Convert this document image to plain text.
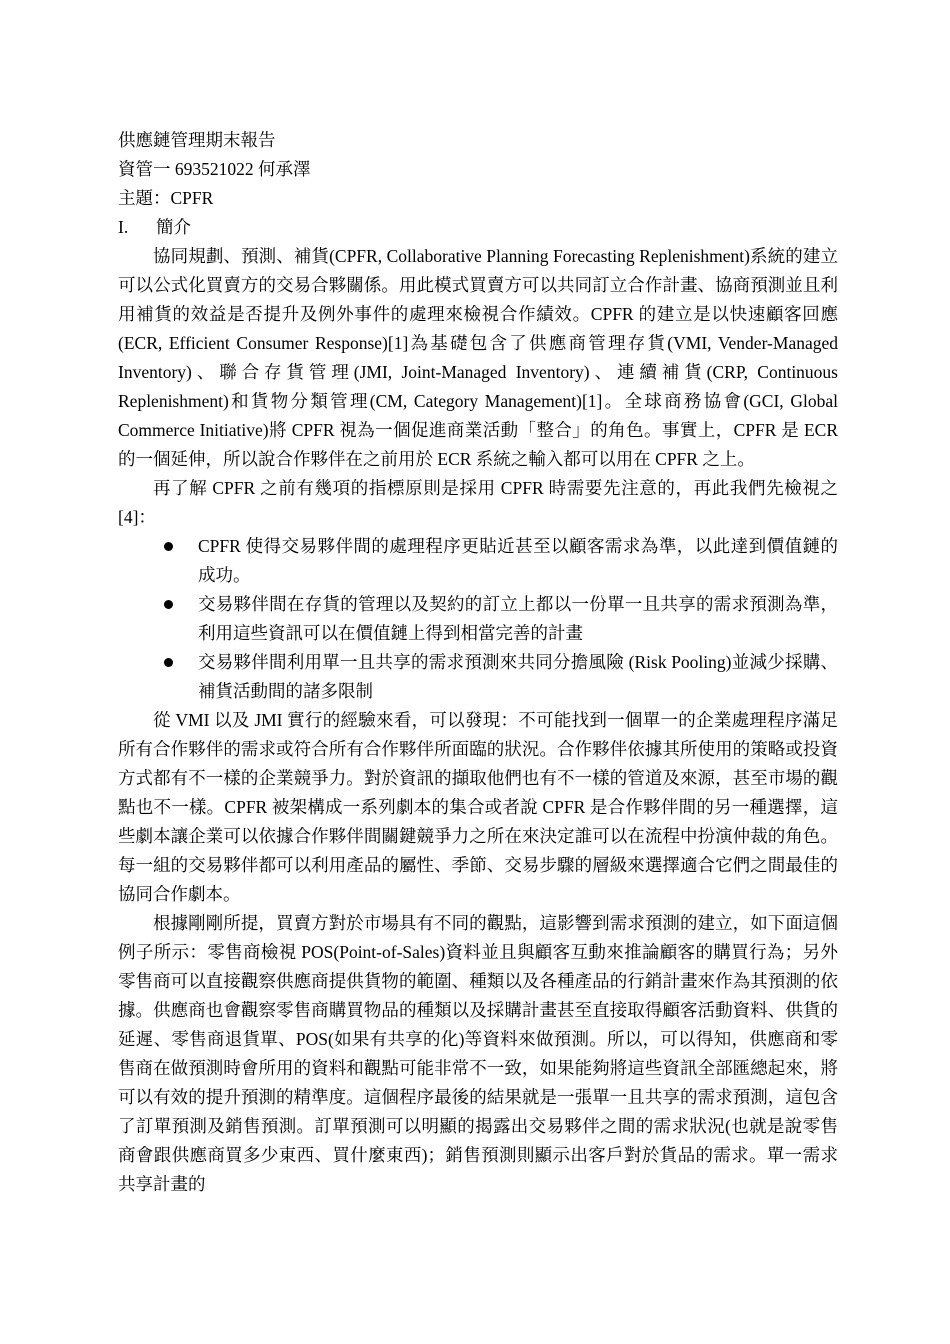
供應鏈管理期末報告
資管一 693521022 何承澤
主題：CPFR
I.	簡介

協同規劃、預測、補貨(CPFR, Collaborative Planning Forecasting Replenishment)系統的建立可以公式化買賣方的交易合夥關係。用此模式買賣方可以共同訂立合作計畫、協商預測並且利用補貨的效益是否提升及例外事件的處理來檢視合作績效。CPFR 的建立是以快速顧客回應(ECR, Efficient Consumer Response)[1]為基礎包含了供應商管理存貨(VMI, Vender-Managed Inventory)、聯合存貨管理(JMI, Joint-Managed Inventory)、連續補貨(CRP, Continuous Replenishment)和貨物分類管理(CM, Category Management)[1]。全球商務協會(GCI, Global Commerce Initiative)將 CPFR 視為一個促進商業活動「整合」的角色。事實上，CPFR 是 ECR 的一個延伸，所以說合作夥伴在之前用於 ECR 系統之輸入都可以用在 CPFR 之上。

再了解 CPFR 之前有幾項的指標原則是採用 CPFR 時需要先注意的，再此我們先檢視之[4]：

CPFR 使得交易夥伴間的處理程序更貼近甚至以顧客需求為準，以此達到價值鏈的成功。
交易夥伴間在存貨的管理以及契約的訂立上都以一份單一且共享的需求預測為準，利用這些資訊可以在價值鏈上得到相當完善的計畫
交易夥伴間利用單一且共享的需求預測來共同分擔風險 (Risk Pooling)並減少採購、補貨活動間的諸多限制

從 VMI 以及 JMI 實行的經驗來看，可以發現：不可能找到一個單一的企業處理程序滿足所有合作夥伴的需求或符合所有合作夥伴所面臨的狀況。合作夥伴依據其所使用的策略或投資方式都有不一樣的企業競爭力。對於資訊的擷取他們也有不一樣的管道及來源，甚至市場的觀點也不一樣。CPFR 被架構成一系列劇本的集合或者說 CPFR 是合作夥伴間的另一種選擇，這些劇本讓企業可以依據合作夥伴間關鍵競爭力之所在來決定誰可以在流程中扮演仲裁的角色。每一組的交易夥伴都可以利用產品的屬性、季節、交易步驟的層級來選擇適合它們之間最佳的協同合作劇本。

根據剛剛所提，買賣方對於市場具有不同的觀點，這影響到需求預測的建立，如下面這個例子所示：零售商檢視 POS(Point-of-Sales)資料並且與顧客互動來推論顧客的購買行為；另外零售商可以直接觀察供應商提供貨物的範圍、種類以及各種產品的行銷計畫來作為其預測的依據。供應商也會觀察零售商購買物品的種類以及採購計畫甚至直接取得顧客活動資料、供貨的延遲、零售商退貨單、POS(如果有共享的化)等資料來做預測。所以，可以得知，供應商和零售商在做預測時會所用的資料和觀點可能非常不一致，如果能夠將這些資訊全部匯總起來，將可以有效的提升預測的精準度。這個程序最後的結果就是一張單一且共享的需求預測，這包含了訂單預測及銷售預測。訂單預測可以明顯的揭露出交易夥伴之間的需求狀況(也就是說零售商會跟供應商買多少東西、買什麼東西)；銷售預測則顯示出客戶對於貨品的需求。單一需求共享計畫的
